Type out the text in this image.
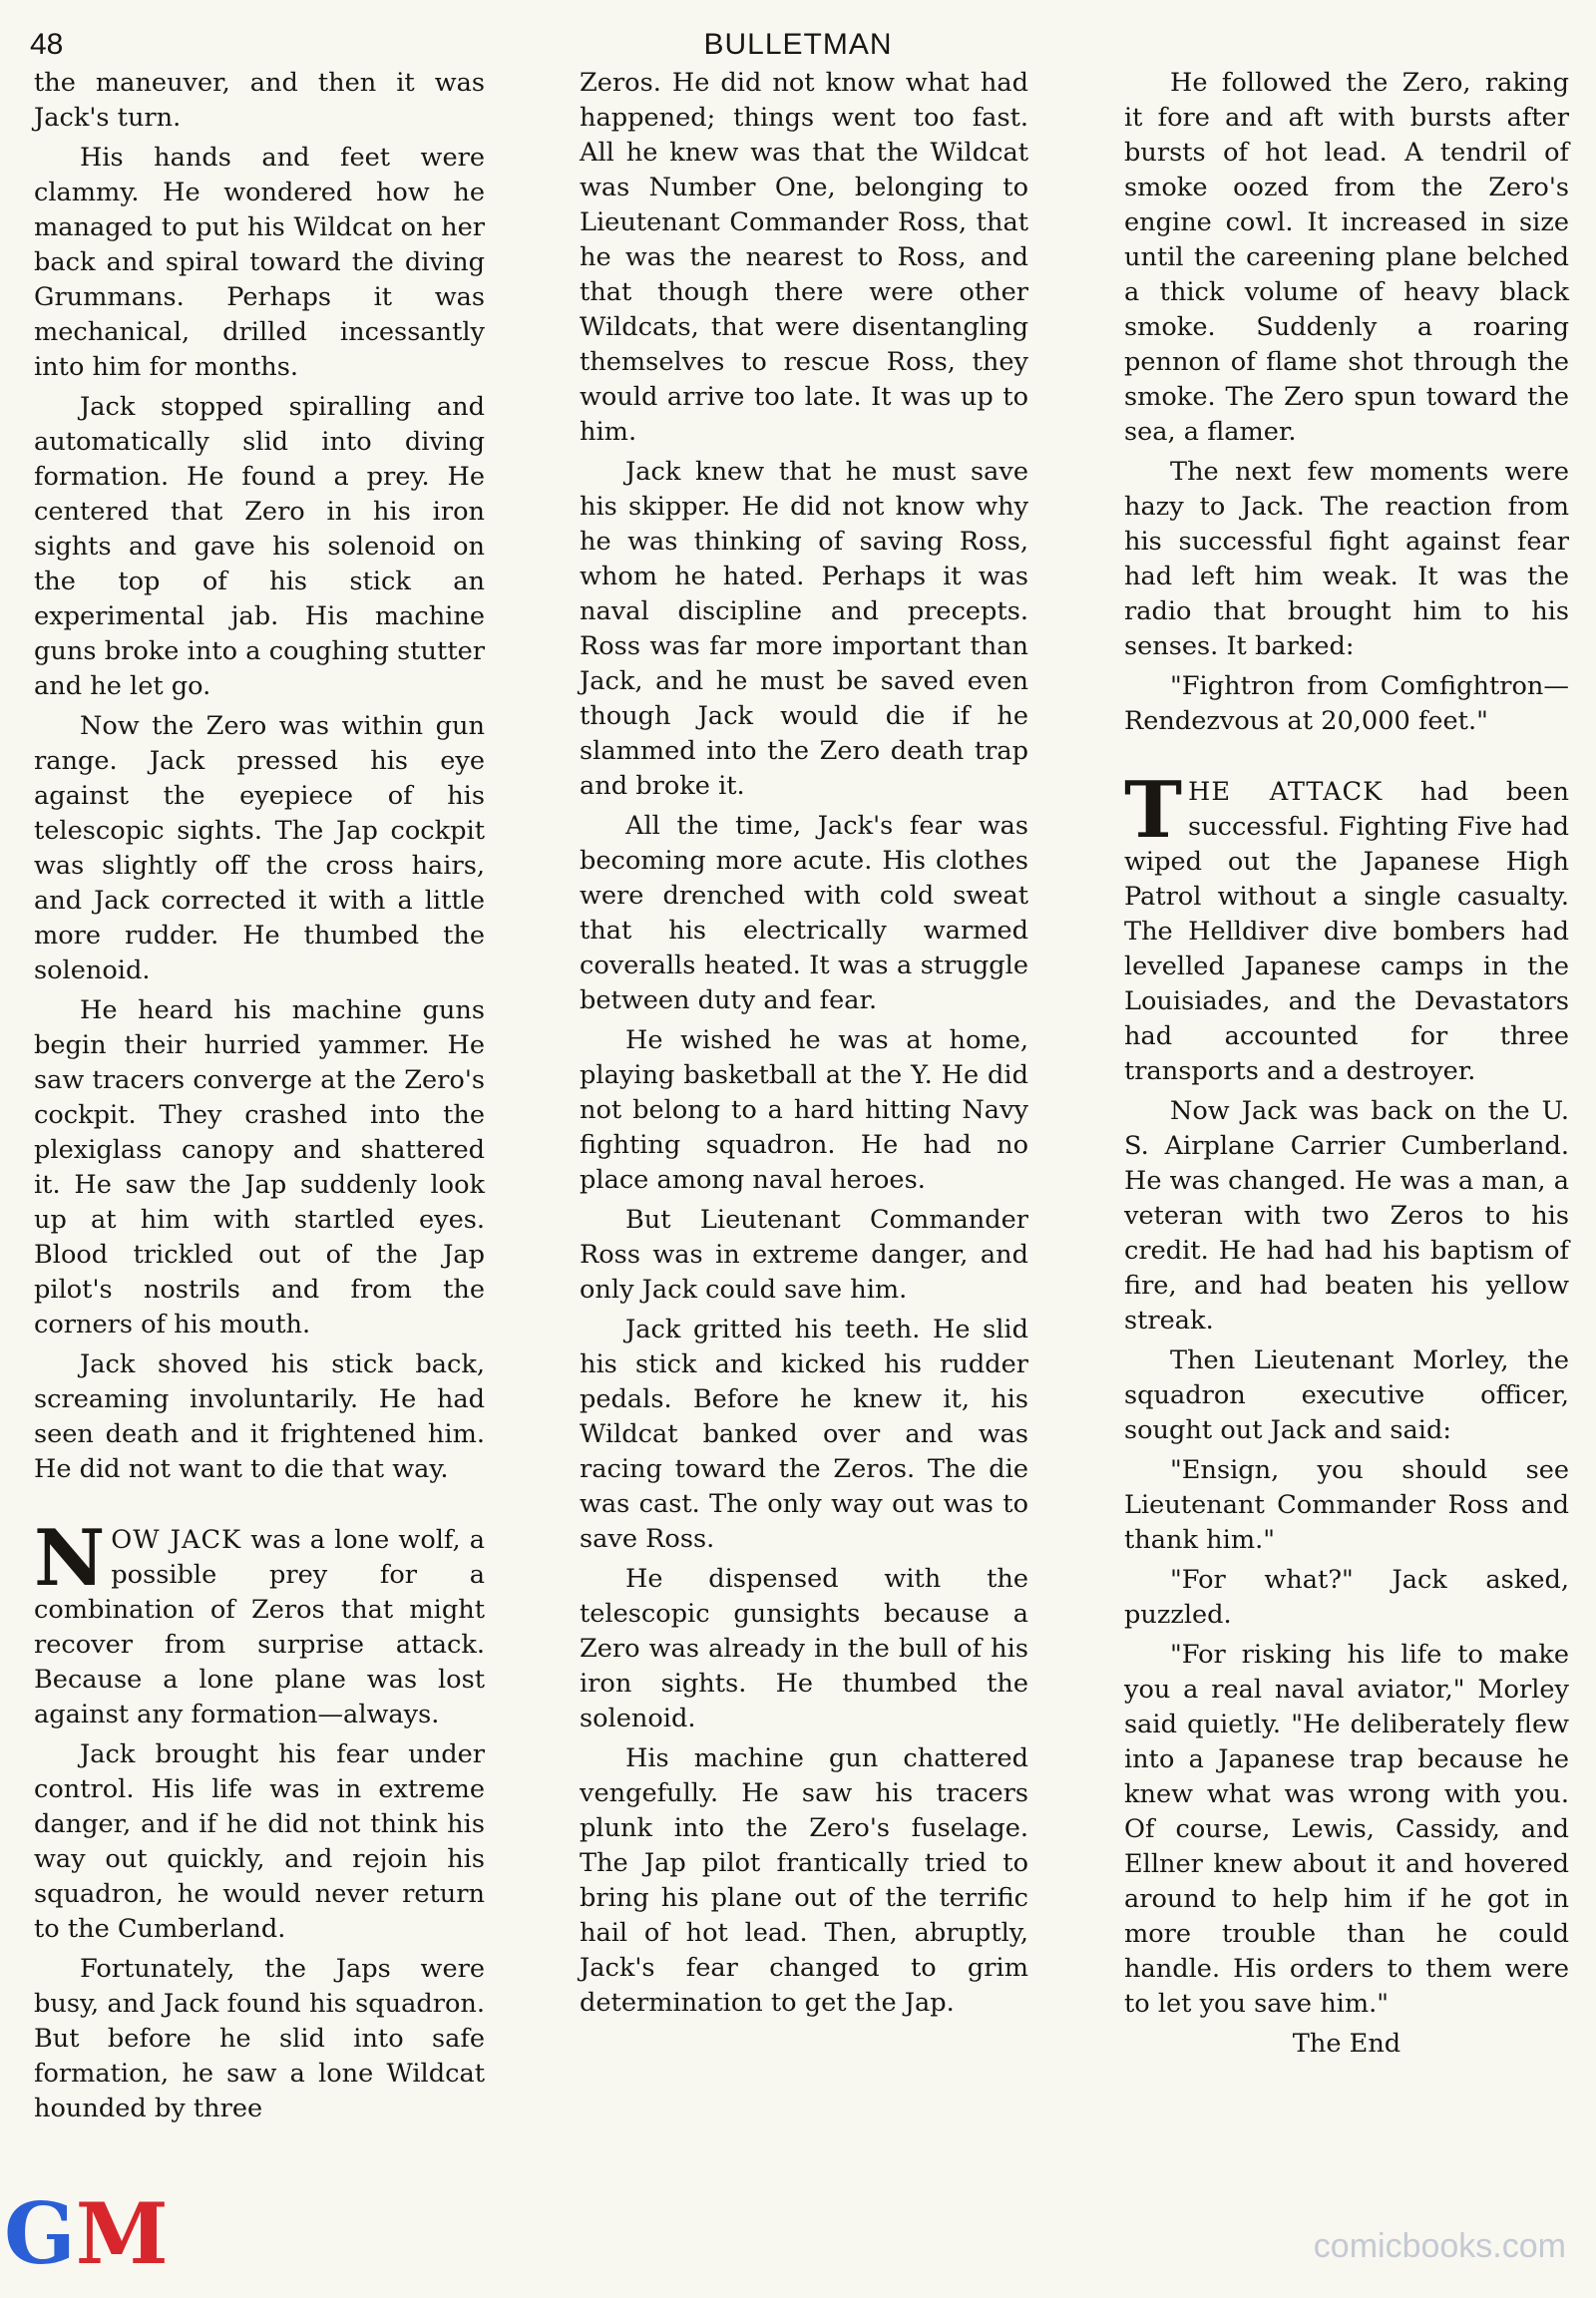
48	BULLETMAN

the maneuver, and then it was Jack's turn.

His hands and feet were clammy. He wondered how he managed to put his Wildcat on her back and spiral toward the diving Grummans. Perhaps it was mechanical, drilled incessantly into him for months.

Jack stopped spiralling and automatically slid into diving formation. He found a prey. He centered that Zero in his iron sights and gave his solenoid on the top of his stick an experimental jab. His machine guns broke into a coughing stutter and he let go.

Now the Zero was within gun range. Jack pressed his eye against the eyepiece of his telescopic sights. The Jap cockpit was slightly off the cross hairs, and Jack corrected it with a little more rudder. He thumbed the solenoid.

He heard his machine guns begin their hurried yammer. He saw tracers converge at the Zero's cockpit. They crashed into the plexiglass canopy and shattered it. He saw the Jap suddenly look up at him with startled eyes. Blood trickled out of the Jap pilot's nostrils and from the corners of his mouth.

Jack shoved his stick back, screaming involuntarily. He had seen death and it frightened him. He did not want to die that way.

NOW JACK was a lone wolf, a possible prey for a combination of Zeros that might recover from surprise attack. Because a lone plane was lost against any formation—always.

Jack brought his fear under control. His life was in extreme danger, and if he did not think his way out quickly, and rejoin his squadron, he would never return to the Cumberland.

Fortunately, the Japs were busy, and Jack found his squadron. But before he slid into safe formation, he saw a lone Wildcat hounded by three

Zeros. He did not know what had happened; things went too fast. All he knew was that the Wildcat was Number One, belonging to Lieutenant Commander Ross, that he was the nearest to Ross, and that though there were other Wildcats, that were disentangling themselves to rescue Ross, they would arrive too late. It was up to him.

Jack knew that he must save his skipper. He did not know why he was thinking of saving Ross, whom he hated. Perhaps it was naval discipline and precepts. Ross was far more important than Jack, and he must be saved even though Jack would die if he slammed into the Zero death trap and broke it.

All the time, Jack's fear was becoming more acute. His clothes were drenched with cold sweat that his electrically warmed coveralls heated. It was a struggle between duty and fear.

He wished he was at home, playing basketball at the Y. He did not belong to a hard hitting Navy fighting squadron. He had no place among naval heroes.

But Lieutenant Commander Ross was in extreme danger, and only Jack could save him.

Jack gritted his teeth. He slid his stick and kicked his rudder pedals. Before he knew it, his Wildcat banked over and was racing toward the Zeros. The die was cast. The only way out was to save Ross.

He dispensed with the telescopic gunsights because a Zero was already in the bull of his iron sights. He thumbed the solenoid.

His machine gun chattered vengefully. He saw his tracers plunk into the Zero's fuselage. The Jap pilot frantically tried to bring his plane out of the terrific hail of hot lead. Then, abruptly, Jack's fear changed to grim determination to get the Jap.

He followed the Zero, raking it fore and aft with bursts after bursts of hot lead. A tendril of smoke oozed from the Zero's engine cowl. It increased in size until the careening plane belched a thick volume of heavy black smoke. Suddenly a roaring pennon of flame shot through the smoke. The Zero spun toward the sea, a flamer.

The next few moments were hazy to Jack. The reaction from his successful fight against fear had left him weak. It was the radio that brought him to his senses. It barked:

"Fightron from Comfightron—Rendezvous at 20,000 feet."

THE ATTACK had been successful. Fighting Five had wiped out the Japanese High Patrol without a single casualty. The Helldiver dive bombers had levelled Japanese camps in the Louisiades, and the Devastators had accounted for three transports and a destroyer.

Now Jack was back on the U. S. Airplane Carrier Cumberland. He was changed. He was a man, a veteran with two Zeros to his credit. He had had his baptism of fire, and had beaten his yellow streak.

Then Lieutenant Morley, the squadron executive officer, sought out Jack and said:

"Ensign, you should see Lieutenant Commander Ross and thank him."

"For what?" Jack asked, puzzled.

"For risking his life to make you a real naval aviator," Morley said quietly. "He deliberately flew into a Japanese trap because he knew what was wrong with you. Of course, Lewis, Cassidy, and Ellner knew about it and hovered around to help him if he got in more trouble than he could handle. His orders to them were to let you save him."

The End

GM	comicbooks.com
